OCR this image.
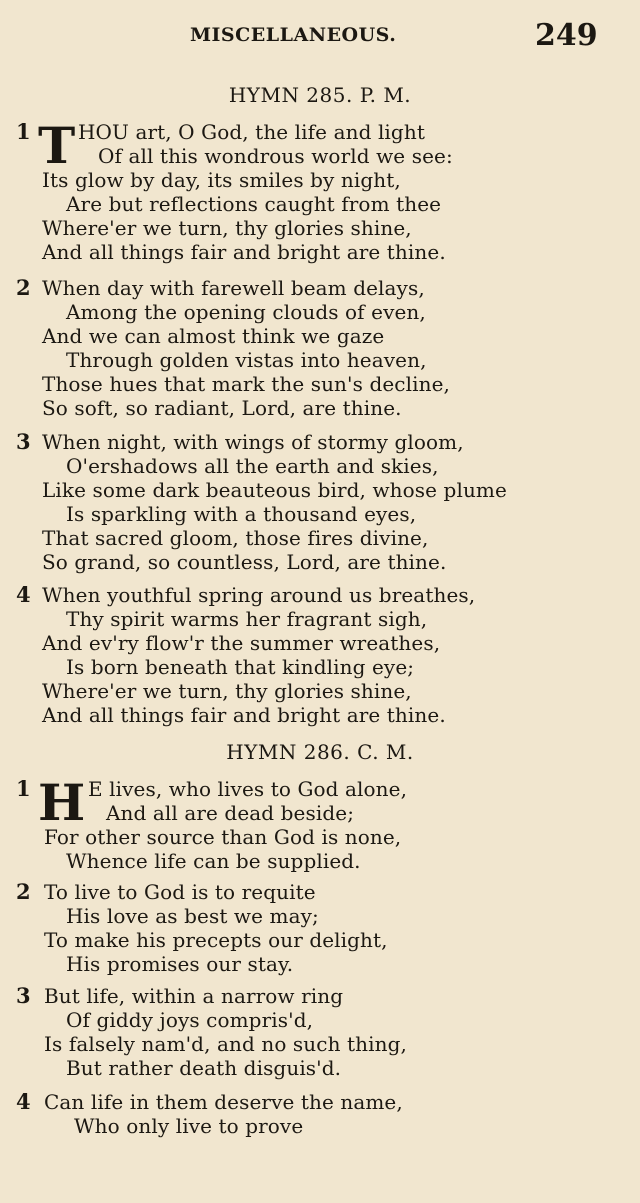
MISCELLANEOUS.	249
HYMN 285. P. M.
1 T HOU art, O God, the life and light
Of all this wondrous world we see:
Its glow by day, its smiles by night,
Are but reflections caught from thee
Where'er we turn, thy glories shine,
And all things fair and bright are thine.
2 When day with farewell beam delays,
Among the opening clouds of even,
And we can almost think we gaze
Through golden vistas into heaven,
Those hues that mark the sun's decline,
So soft, so radiant, Lord, are thine.
3 When night, with wings of stormy gloom,
O'ershadows all the earth and skies,
Like some dark beauteous bird, whose plume
Is sparkling with a thousand eyes,
That sacred gloom, those fires divine,
So grand, so countless, Lord, are thine.
4 When youthful spring around us breathes,
Thy spirit warms her fragrant sigh,
And ev'ry flow'r the summer wreathes,
Is born beneath that kindling eye;
Where'er we turn, thy glories shine,
And all things fair and bright are thine.
HYMN 286. C. M.
1 H E lives, who lives to God alone,
And all are dead beside;
For other source than God is none,
Whence life can be supplied.
2 To live to God is to requite
His love as best we may;
To make his precepts our delight,
His promises our stay.
3 But life, within a narrow ring
Of giddy joys compris'd,
Is falsely nam'd, and no such thing,
But rather death disguis'd.
4 Can life in them deserve the name,
Who only live to prove
